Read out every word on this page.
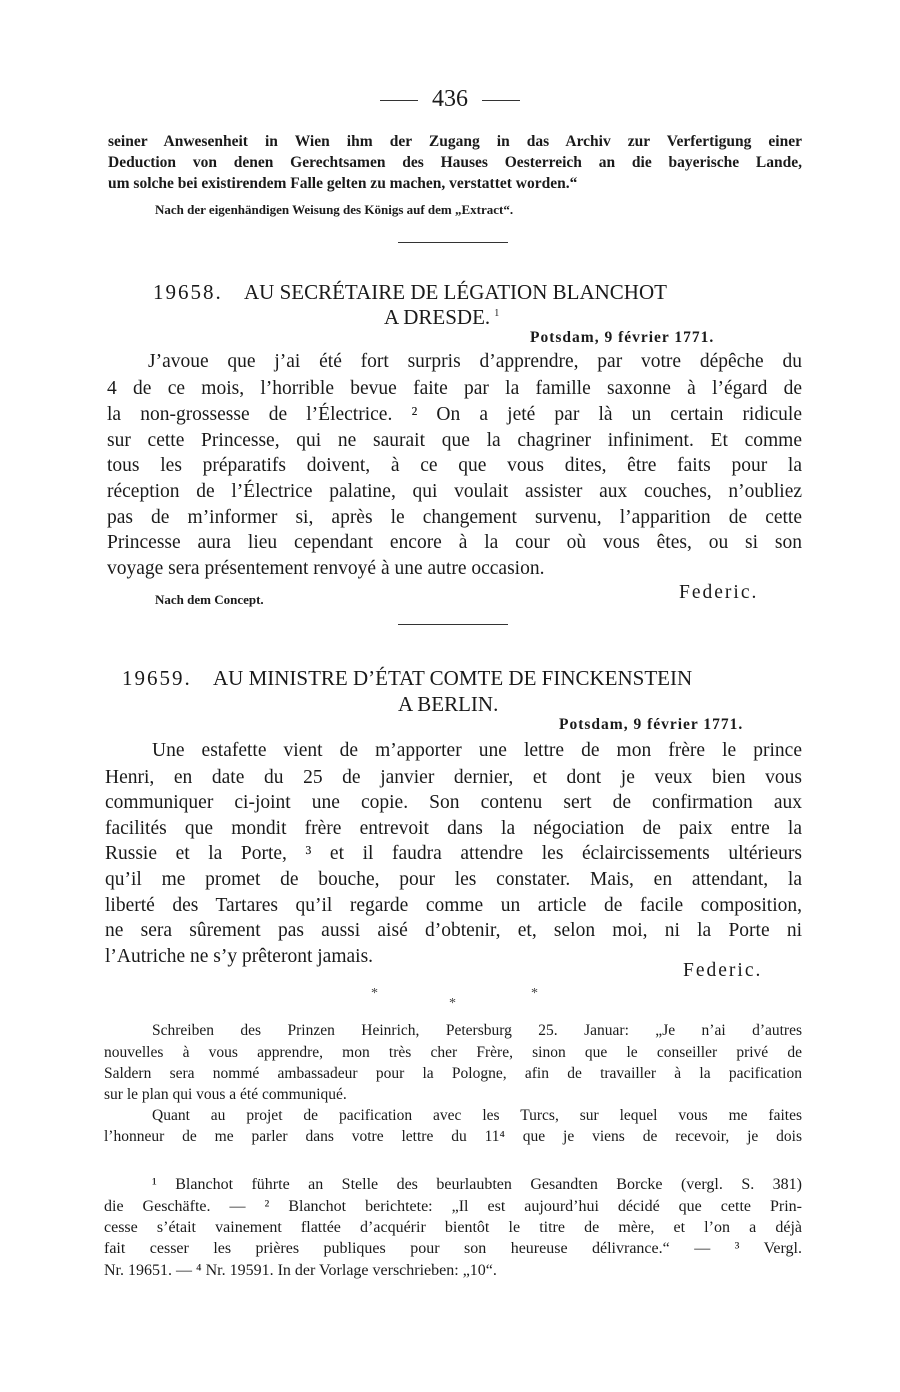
436
seiner Anwesenheit in Wien ihm der Zugang in das Archiv zur Verfertigung einer
Deduction von denen Gerechtsamen des Hauses Oesterreich an die bayerische Lande,
um solche bei existirendem Falle gelten zu machen, verstattet worden.“
Nach der eigenhändigen Weisung des Königs auf dem „Extract“.
19658. AU SECRÉTAIRE DE LÉGATION BLANCHOT
A DRESDE. $^1$
Potsdam, 9 février 1771.
J’avoue que j’ai été fort surpris d’apprendre, par votre dépêche du
4 de ce mois, l’horrible bevue faite par la famille saxonne à l’égard de
la non-grossesse de l’Électrice. ² On a jeté par là un certain ridicule
sur cette Princesse, qui ne saurait que la chagriner infiniment. Et comme
tous les préparatifs doivent, à ce que vous dites, être faits pour la
réception de l’Électrice palatine, qui voulait assister aux couches, n’oubliez
pas de m’informer si, après le changement survenu, l’apparition de cette
Princesse aura lieu cependant encore à la cour où vous êtes, ou si son
voyage sera présentement renvoyé à une autre occasion.
Nach dem Concept.	Federic.
19659. AU MINISTRE D’ÉTAT COMTE DE FINCKENSTEIN
A BERLIN.
Potsdam, 9 février 1771.
Une estafette vient de m’apporter une lettre de mon frère le prince
Henri, en date du 25 de janvier dernier, et dont je veux bien vous
communiquer ci-joint une copie. Son contenu sert de confirmation aux
facilités que mondit frère entrevoit dans la négociation de paix entre la
Russie et la Porte, ³ et il faudra attendre les éclaircissements ultérieurs
qu’il me promet de bouche, pour les constater. Mais, en attendant, la
liberté des Tartares qu’il regarde comme un article de facile composition,
ne sera sûrement pas aussi aisé d’obtenir, et, selon moi, ni la Porte ni
l’Autriche ne s’y prêteront jamais.
Federic.
*
*
*
Schreiben des Prinzen Heinrich, Petersburg 25. Januar: „Je n’ai d’autres
nouvelles à vous apprendre, mon très cher Frère, sinon que le conseiller privé de
Saldern sera nommé ambassadeur pour la Pologne, afin de travailler à la pacification
sur le plan qui vous a été communiqué.
Quant au projet de pacification avec les Turcs, sur lequel vous me faites
l’honneur de me parler dans votre lettre du 11⁴ que je viens de recevoir, je dois
¹ Blanchot führte an Stelle des beurlaubten Gesandten Borcke (vergl. S. 381)
die Geschäfte. — ² Blanchot berichtete: „Il est aujourd’hui décidé que cette Prin-
cesse s’était vainement flattée d’acquérir bientôt le titre de mère, et l’on a déjà
fait cesser les prières publiques pour son heureuse délivrance.“ — ³ Vergl.
Nr. 19651. — ⁴ Nr. 19591. In der Vorlage verschrieben: „10“.
